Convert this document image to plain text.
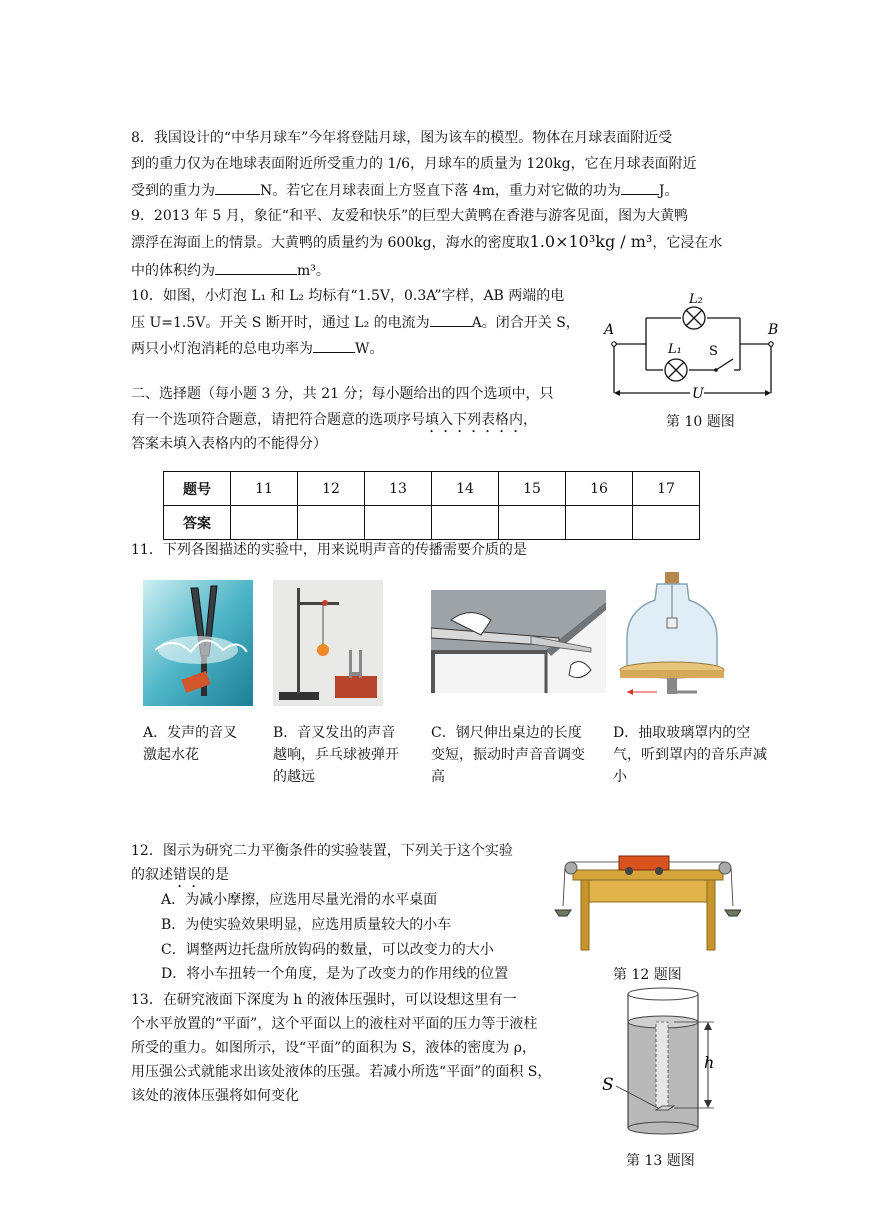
8．我国设计的“中华月球车”今年将登陆月球，图为该车的模型。物体在月球表面附近受
到的重力仅为在地球表面附近所受重力的 1/6，月球车的质量为 120kg，它在月球表面附近
受到的重力为	N。若它在月球表面上方竖直下落 4m，重力对它做的功为	J。
9．2013 年 5 月，象征“和平、友爱和快乐”的巨型大黄鸭在香港与游客见面，图为大黄鸭
漂浮在海面上的情景。大黄鸭的质量约为 600kg，海水的密度取1.0×10³kg / m³，它浸在水
中的体积约为	m³。
10．如图，小灯泡 L₁ 和 L₂ 均标有“1.5V，0.3A”字样，AB 两端的电
压 U=1.5V。开关 S 断开时，通过 L₂ 的电流为	A。闭合开关 S，
两只小灯泡消耗的总电功率为	W。
A	B
L₂
L₁ S
U
第 10 题图
二、选择题（每小题 3 分，共 21 分；每小题给出的四个选项中，只
有一个选项符合题意，请把符合题意的选项序号填入下列表格内，
答案未填入表格内的不能得分）
题号	11	12	13	14	15	16	17
答案							
11．下列各图描述的实验中，用来说明声音的传播需要介质的是
A．发声的音叉
激起水花
B．音叉发出的声音
越响，乒乓球被弹开
的越远
C．钢尺伸出桌边的长度
变短，振动时声音音调变
高
D．抽取玻璃罩内的空
气，听到罩内的音乐声减
小
12．图示为研究二力平衡条件的实验装置，下列关于这个实验
的叙述错误的是
A．为减小摩擦，应选用尽量光滑的水平桌面
B．为使实验效果明显，应选用质量较大的小车
C．调整两边托盘所放钩码的数量，可以改变力的大小
D．将小车扭转一个角度，是为了改变力的作用线的位置	第 12 题图
13．在研究液面下深度为 h 的液体压强时，可以设想这里有一
个水平放置的“平面”，这个平面以上的液柱对平面的压力等于液柱
所受的重力。如图所示，设“平面”的面积为 S，液体的密度为 ρ，
用压强公式就能求出该处液体的压强。若减小所选“平面”的面积 S，
该处的液体压强将如何变化
h
S
第 13 题图
